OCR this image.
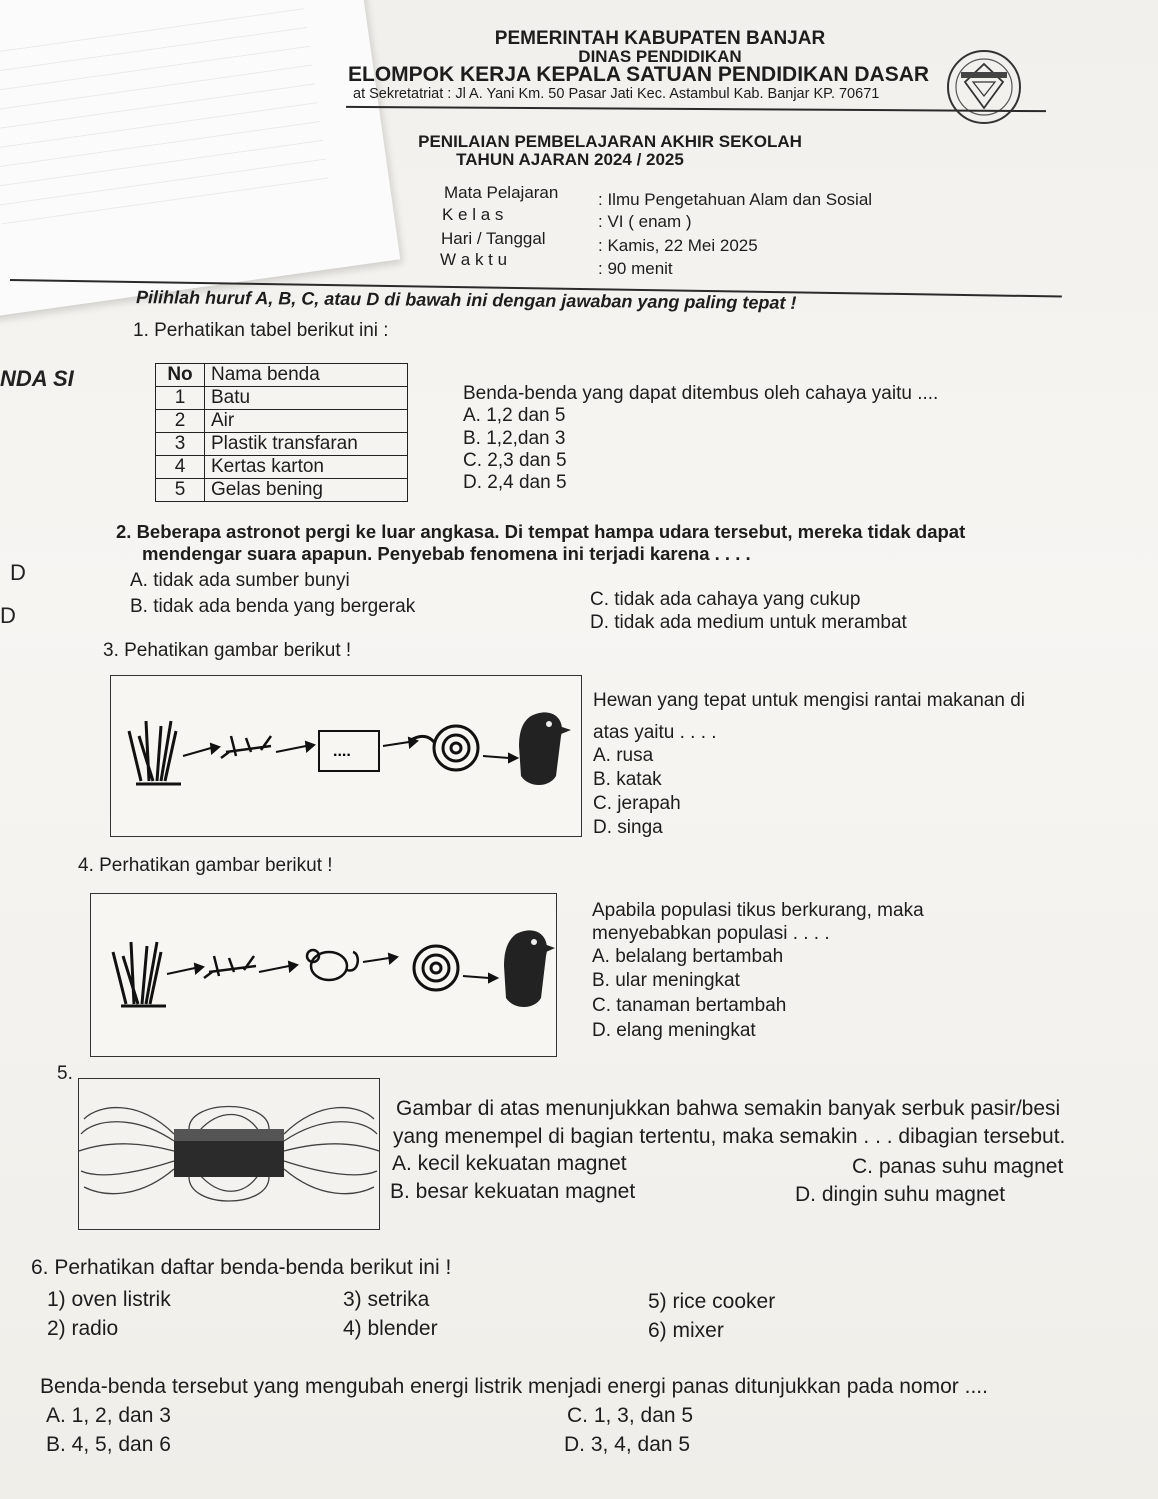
PEMERINTAH KABUPATEN BANJAR
DINAS PENDIDIKAN
ELOMPOK KERJA KEPALA SATUAN PENDIDIKAN DASAR
at Sekretatriat : Jl A. Yani Km. 50 Pasar Jati Kec. Astambul Kab. Banjar KP. 70671
PENILAIAN PEMBELAJARAN AKHIR SEKOLAH
TAHUN AJARAN 2024 / 2025
Mata Pelajaran : Ilmu Pengetahuan Alam dan Sosial
K e l a s	: VI ( enam )
Hari / Tanggal	: Kamis, 22 Mei 2025
W a k t u	: 90 menit
Pilihlah huruf A, B, C, atau D di bawah ini dengan jawaban yang paling tepat !
NDA SI
D
D
1. Perhatikan tabel berikut ini :
No	Nama benda
1	Batu
2	Air
3	Plastik transfaran
4	Kertas karton
5	Gelas bening
Benda-benda yang dapat ditembus oleh cahaya yaitu ....
A. 1,2 dan 5
B. 1,2,dan 3
C. 2,3 dan 5
D. 2,4 dan 5
2. Beberapa astronot pergi ke luar angkasa. Di tempat hampa udara tersebut, mereka tidak dapat
mendengar suara apapun. Penyebab fenomena ini terjadi karena . . . .
A. tidak ada sumber bunyi
B. tidak ada benda yang bergerak	C. tidak ada cahaya yang cukup
D. tidak ada medium untuk merambat
3. Pehatikan gambar berikut !
....
Hewan yang tepat untuk mengisi rantai makanan di
atas yaitu . . . .
A. rusa
B. katak
C. jerapah
D. singa
4. Perhatikan gambar berikut !
Apabila populasi tikus berkurang, maka
menyebabkan populasi . . . .
A. belalang bertambah
B. ular meningkat
C. tanaman bertambah
D. elang meningkat
5.
Gambar di atas menunjukkan bahwa semakin banyak serbuk pasir/besi
yang menempel di bagian tertentu, maka semakin . . . dibagian tersebut.
A. kecil kekuatan magnet
B. besar kekuatan magnet
C. panas suhu magnet
D. dingin suhu magnet
6. Perhatikan daftar benda-benda berikut ini !
1) oven listrik
2) radio
3) setrika
4) blender
5) rice cooker
6) mixer
Benda-benda tersebut yang mengubah energi listrik menjadi energi panas ditunjukkan pada nomor ....
A. 1, 2, dan 3
B. 4, 5, dan 6
C. 1, 3, dan 5
D. 3, 4, dan 5
